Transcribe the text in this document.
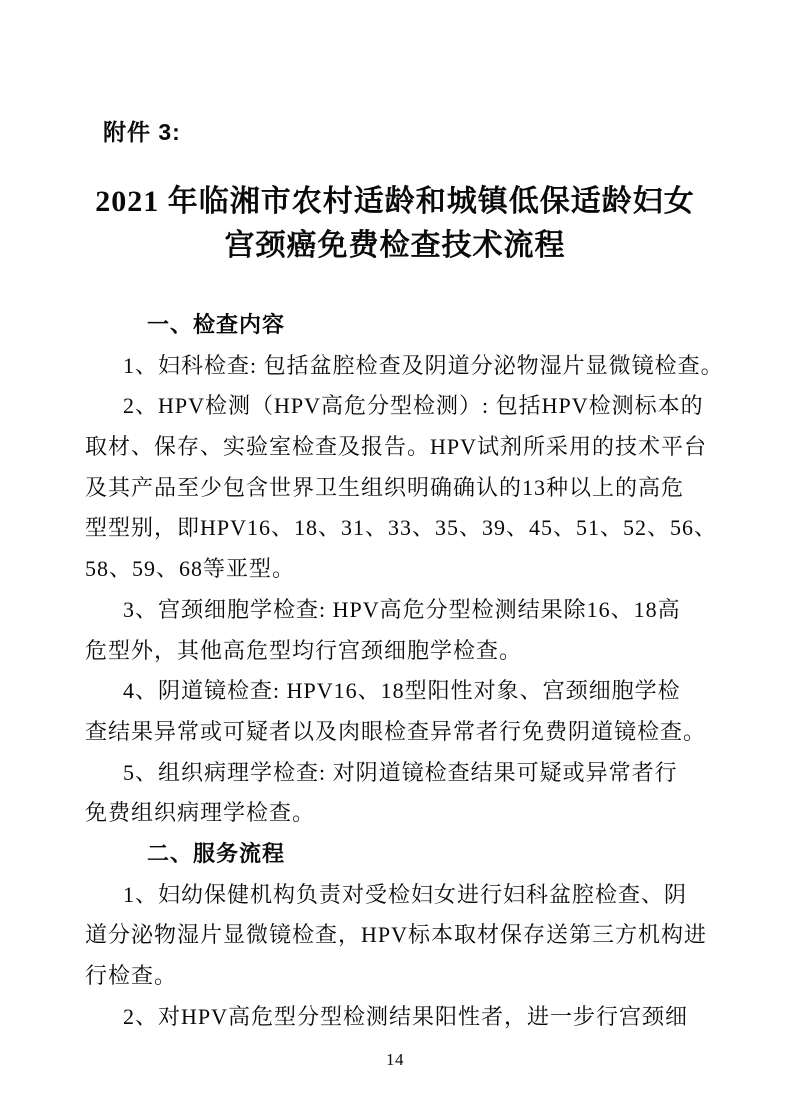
附件 3:
2021 年临湘市农村适龄和城镇低保适龄妇女
宫颈癌免费检查技术流程
一、检查内容
1、妇科检查: 包括盆腔检查及阴道分泌物湿片显微镜检查。
2、HPV检测（HPV高危分型检测）: 包括HPV检测标本的
取材、保存、实验室检查及报告。HPV试剂所采用的技术平台
及其产品至少包含世界卫生组织明确确认的13种以上的高危
型型别，即HPV16、18、31、33、35、39、45、51、52、56、
58、59、68等亚型。
3、宫颈细胞学检查: HPV高危分型检测结果除16、18高
危型外，其他高危型均行宫颈细胞学检查。
4、阴道镜检查: HPV16、18型阳性对象、宫颈细胞学检
查结果异常或可疑者以及肉眼检查异常者行免费阴道镜检查。
5、组织病理学检查: 对阴道镜检查结果可疑或异常者行
免费组织病理学检查。
二、服务流程
1、妇幼保健机构负责对受检妇女进行妇科盆腔检查、阴
道分泌物湿片显微镜检查，HPV标本取材保存送第三方机构进
行检查。
2、对HPV高危型分型检测结果阳性者，进一步行宫颈细
14
